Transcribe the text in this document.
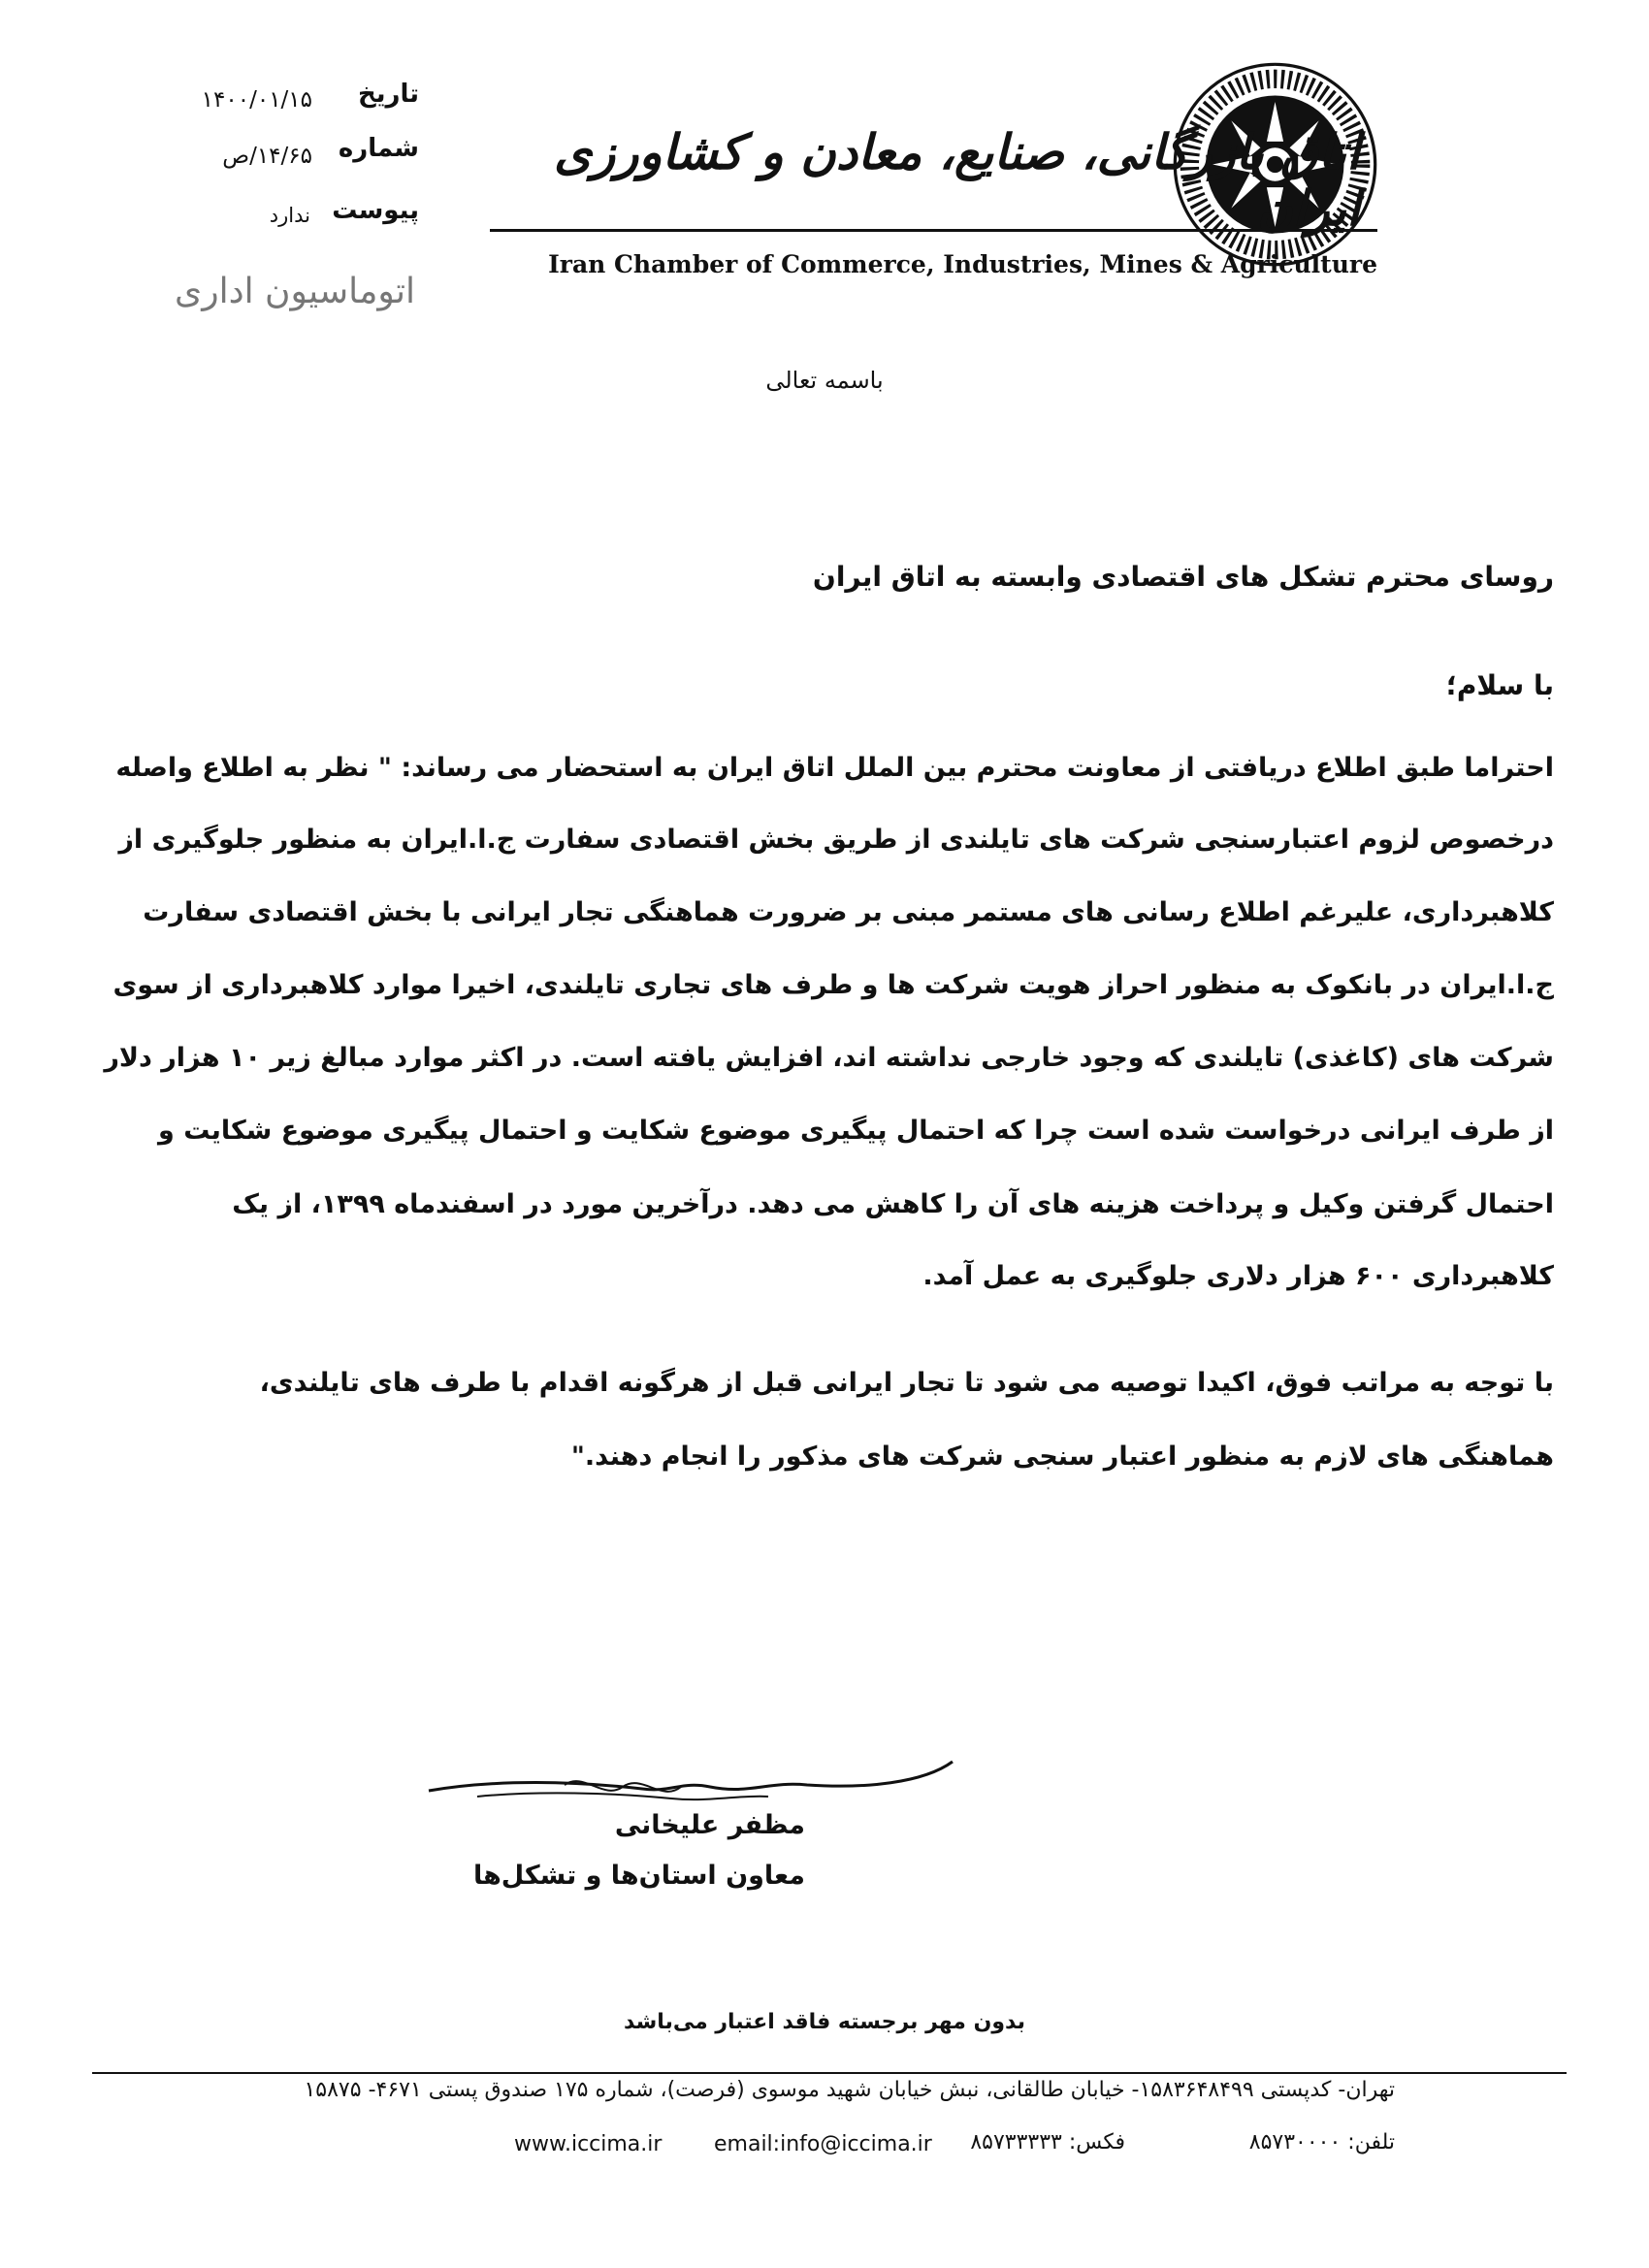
اتاق بازرگانی، صنایع، معادن و کشاورزی ایران
Iran Chamber of Commerce, Industries, Mines & Agriculture
تاریخ
۱۴۰۰/۰۱/۱۵
شماره
۱۴/۶۵/ص
پیوست
ندارد
اتوماسیون اداری
باسمه تعالی
روسای محترم تشکل های اقتصادی وابسته به اتاق ایران
با سلام؛
احتراما طبق اطلاع دریافتی از معاونت محترم بین الملل اتاق ایران به استحضار می رساند: " نظر به اطلاع واصله
درخصوص لزوم اعتبارسنجی شرکت های تایلندی از طریق بخش اقتصادی سفارت ج.ا.ایران به منظور جلوگیری از
کلاهبرداری، علیرغم اطلاع رسانی های مستمر مبنی بر ضرورت هماهنگی تجار ایرانی با بخش اقتصادی سفارت
ج.ا.ایران در بانکوک به منظور احراز هویت شرکت ها و طرف های تجاری تایلندی، اخیرا موارد کلاهبرداری از سوی
شرکت های (کاغذی) تایلندی که وجود خارجی نداشته اند، افزایش یافته است. در اکثر موارد مبالغ زیر ۱۰ هزار دلار
از طرف ایرانی درخواست شده است چرا که احتمال پیگیری موضوع شکایت و احتمال پیگیری موضوع شکایت و
احتمال گرفتن وکیل و پرداخت هزینه های آن را کاهش می دهد. درآخرین مورد در اسفندماه ۱۳۹۹، از یک
کلاهبرداری ۶۰۰ هزار دلاری جلوگیری به عمل آمد.
با توجه به مراتب فوق، اکیدا توصیه می شود تا تجار ایرانی قبل از هرگونه اقدام با طرف های تایلندی،
هماهنگی های لازم به منظور اعتبار سنجی شرکت های مذکور را انجام دهند."
مظفر علیخانی
معاون استان‌ها و تشکل‌ها
بدون مهر برجسته فاقد اعتبار می‌باشد
تهران- کدپستی ۱۵۸۳۶۴۸۴۹۹- خیابان طالقانی، نبش خیابان شهید موسوی (فرصت)، شماره ۱۷۵ صندوق پستی ۴۶۷۱- ۱۵۸۷۵
تلفن: ۸۵۷۳۰۰۰۰
فکس: ۸۵۷۳۳۳۳۳
www.iccima.ir	email:info@iccima.ir
